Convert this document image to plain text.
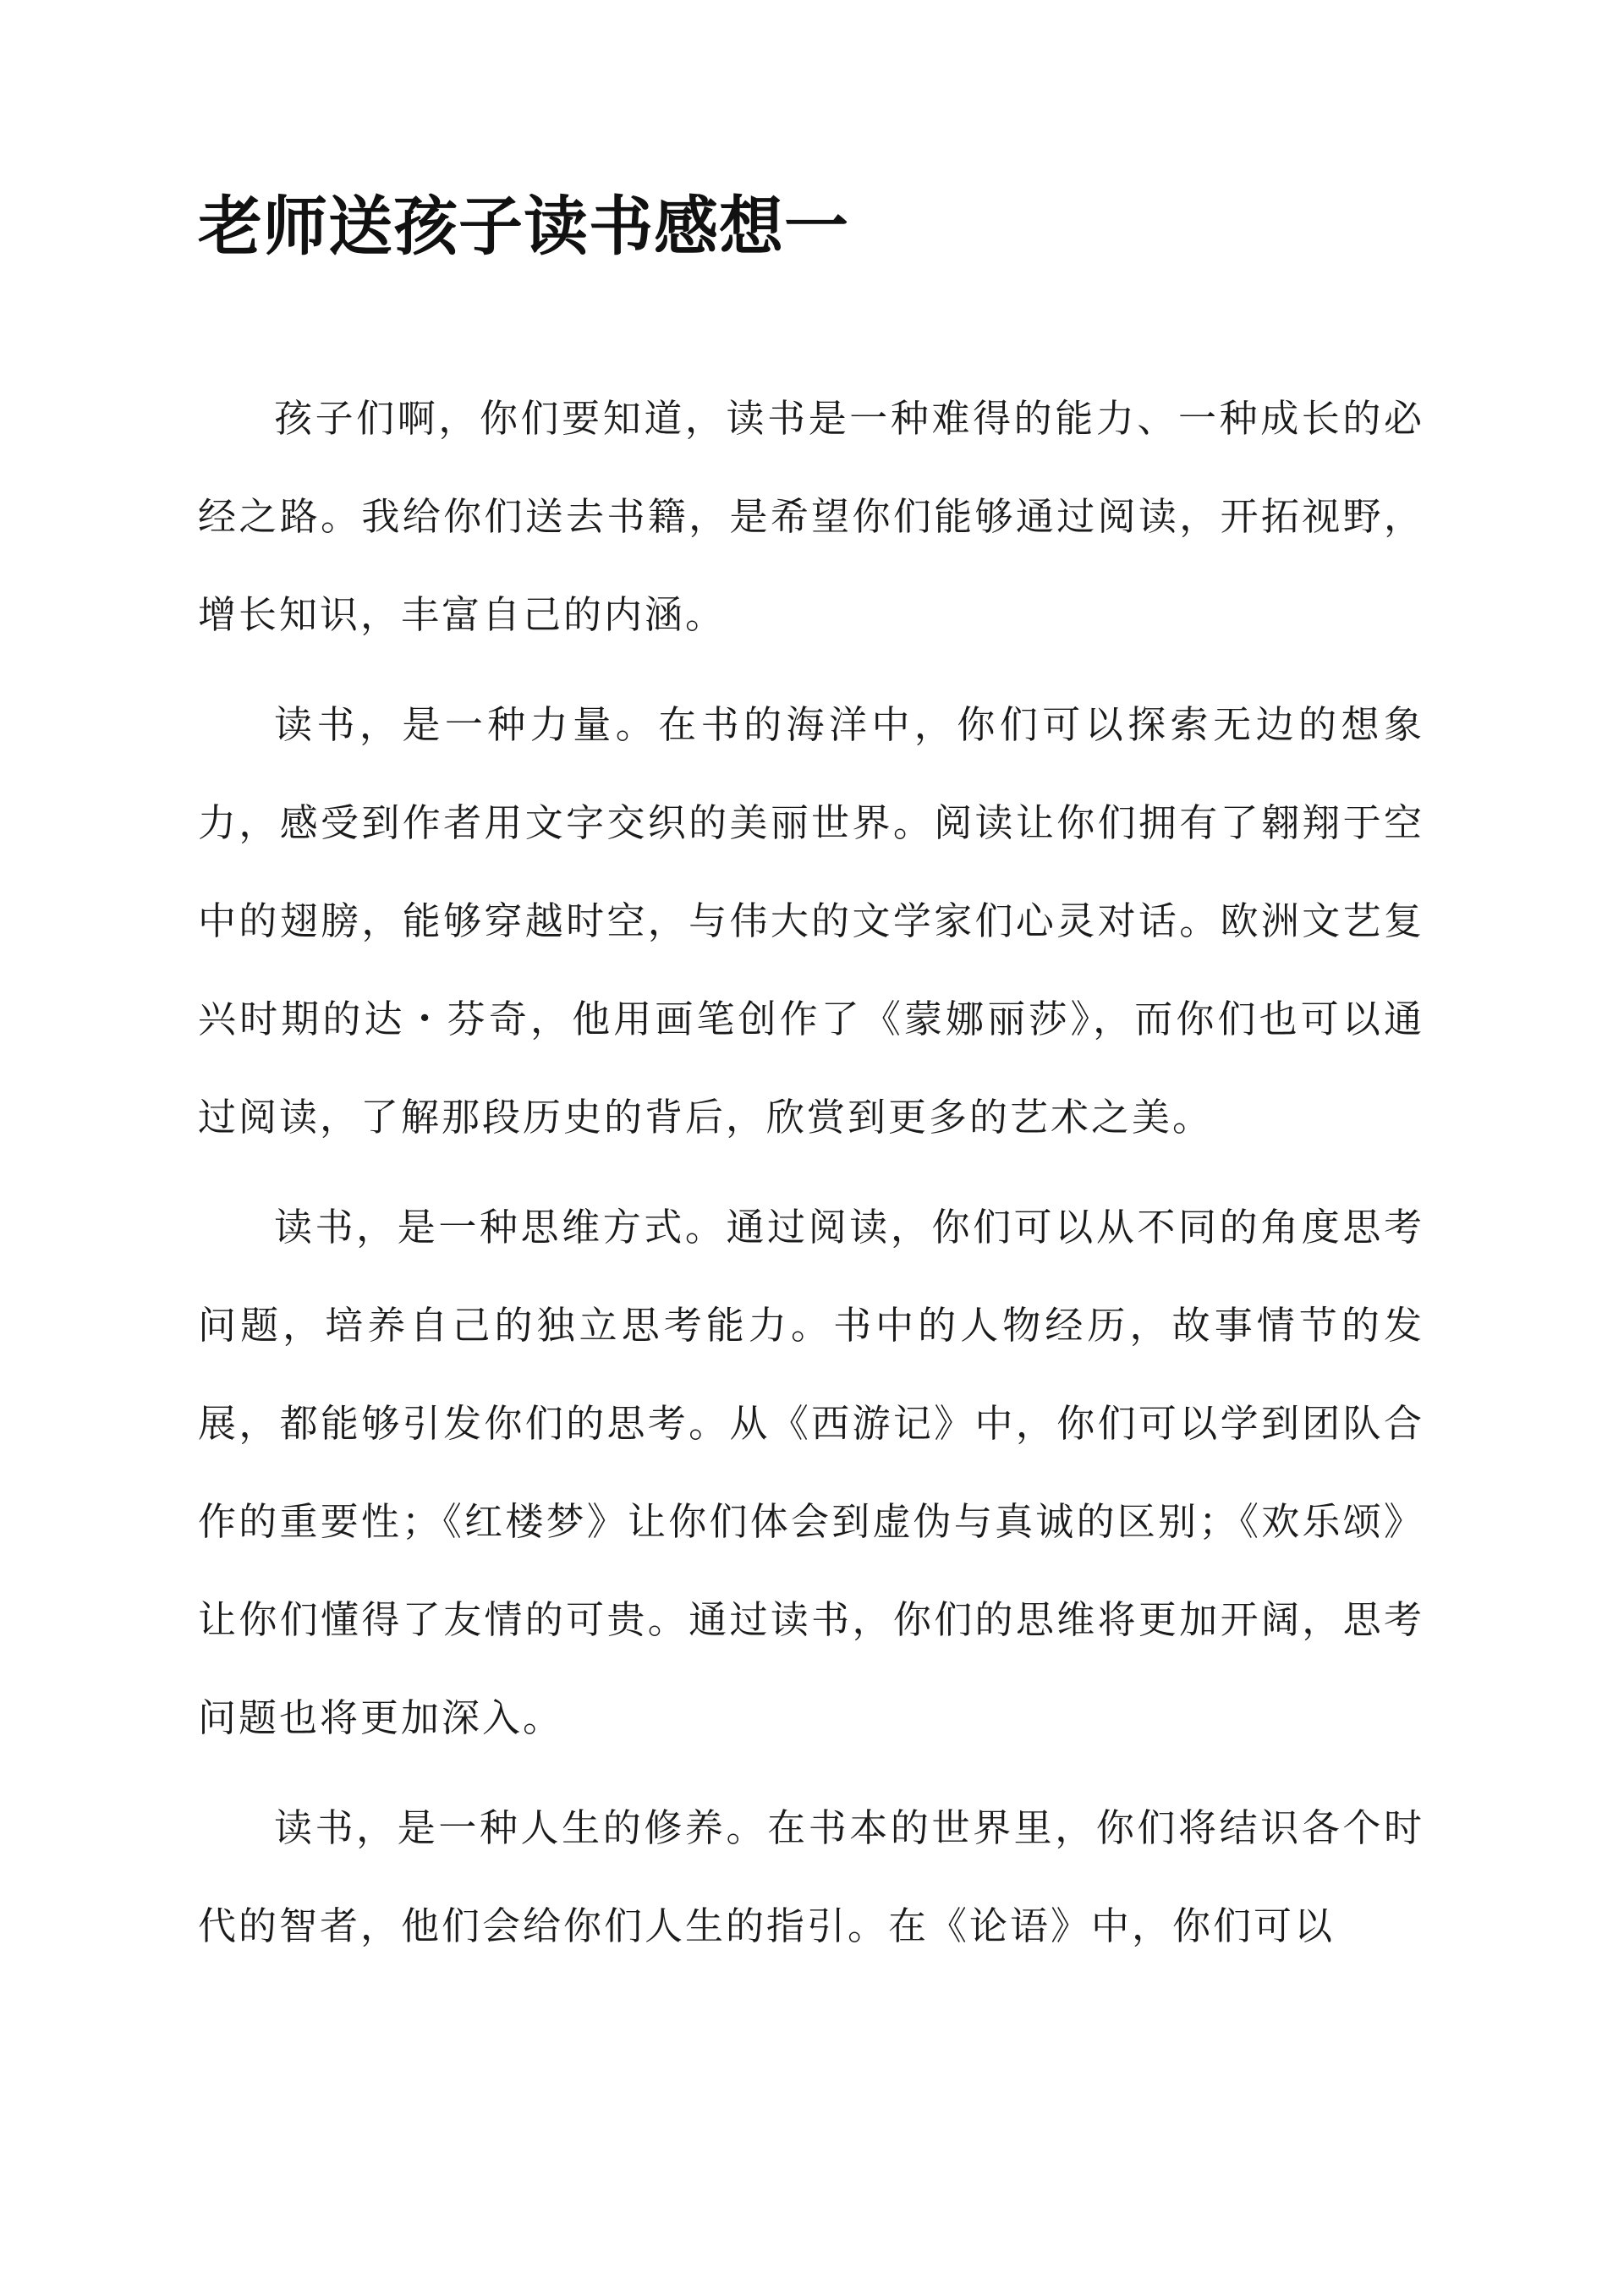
老师送孩子读书感想一

孩子们啊，你们要知道，读书是一种难得的能力、一种成长的必经之路。我给你们送去书籍，是希望你们能够通过阅读，开拓视野，增长知识，丰富自己的内涵。

读书，是一种力量。在书的海洋中，你们可以探索无边的想象力，感受到作者用文字交织的美丽世界。阅读让你们拥有了翱翔于空中的翅膀，能够穿越时空，与伟大的文学家们心灵对话。欧洲文艺复兴时期的达・芬奇，他用画笔创作了《蒙娜丽莎》，而你们也可以通过阅读，了解那段历史的背后，欣赏到更多的艺术之美。

读书，是一种思维方式。通过阅读，你们可以从不同的角度思考问题，培养自己的独立思考能力。书中的人物经历，故事情节的发展，都能够引发你们的思考。从《西游记》中，你们可以学到团队合作的重要性；《红楼梦》让你们体会到虚伪与真诚的区别；《欢乐颂》让你们懂得了友情的可贵。通过读书，你们的思维将更加开阔，思考问题也将更加深入。

读书，是一种人生的修养。在书本的世界里，你们将结识各个时代的智者，他们会给你们人生的指引。在《论语》中，你们可以
